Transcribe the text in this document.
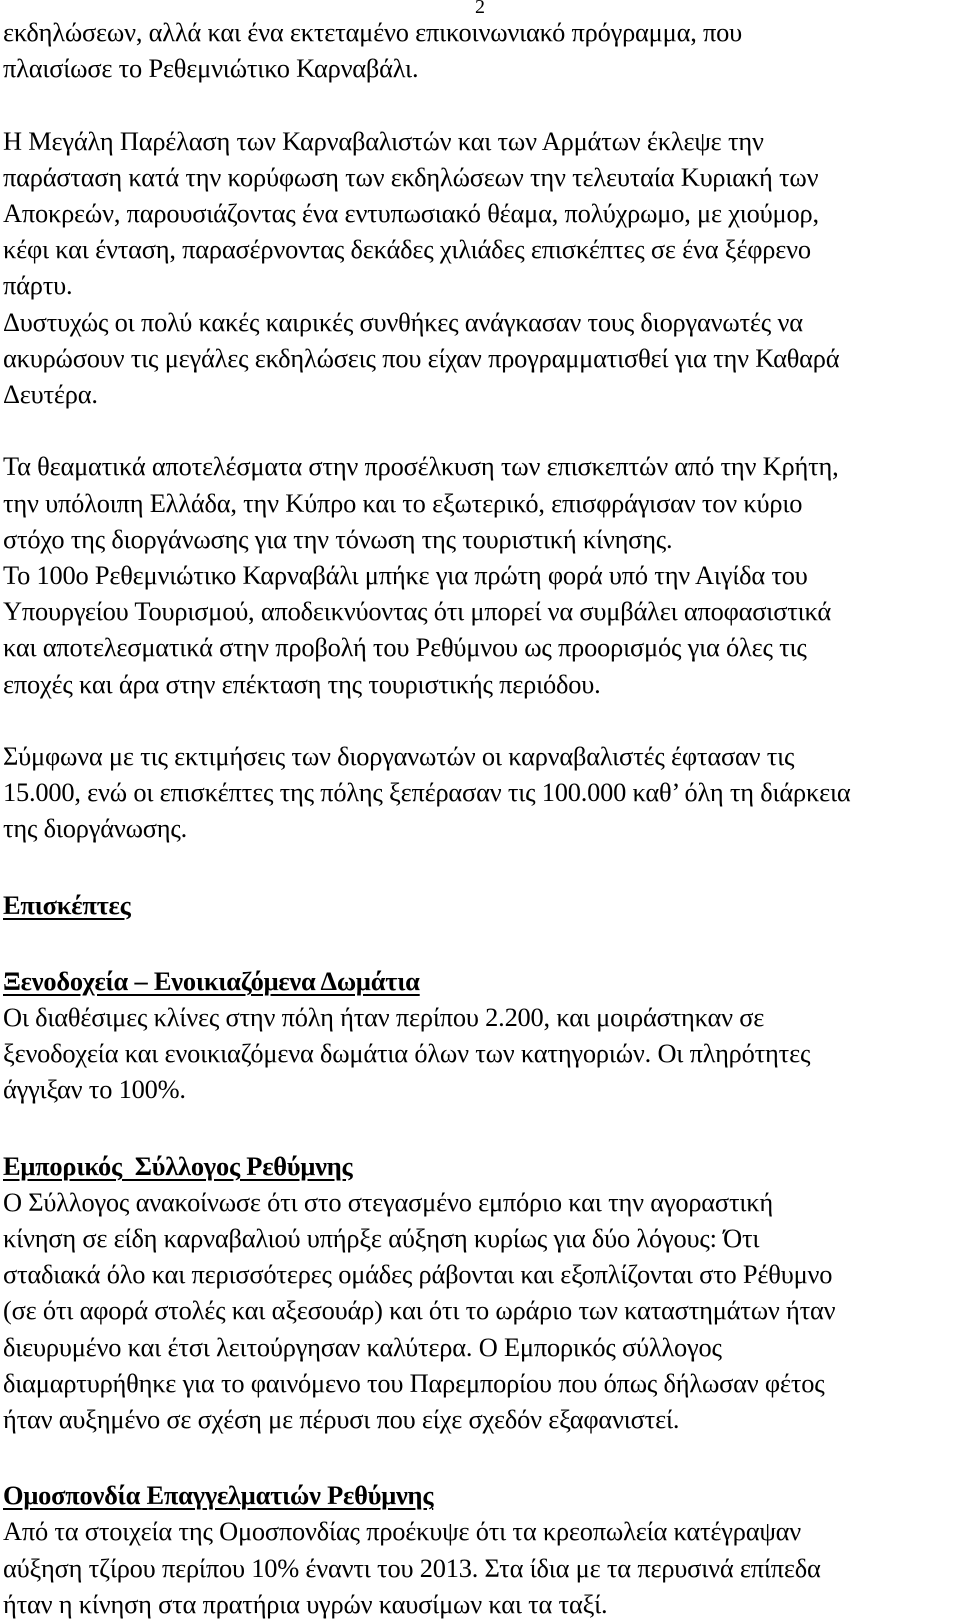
2

εκδηλώσεων, αλλά και ένα εκτεταμένο επικοινωνιακό πρόγραμμα, που

πλαισίωσε το Ρεθεμνιώτικο Καρναβάλι.

Η Μεγάλη Παρέλαση των Καρναβαλιστών και των Αρμάτων έκλεψε την

παράσταση κατά την κορύφωση των εκδηλώσεων την τελευταία Κυριακή των

Αποκρεών, παρουσιάζοντας ένα εντυπωσιακό θέαμα, πολύχρωμο, με χιούμορ,

κέφι και ένταση, παρασέρνοντας δεκάδες χιλιάδες επισκέπτες σε ένα ξέφρενο

πάρτυ.

Δυστυχώς οι πολύ κακές καιρικές συνθήκες ανάγκασαν τους διοργανωτές να

ακυρώσουν τις μεγάλες εκδηλώσεις που είχαν προγραμματισθεί για την Καθαρά

Δευτέρα.

Τα θεαματικά αποτελέσματα στην προσέλκυση των επισκεπτών από την Κρήτη,

την υπόλοιπη Ελλάδα, την Κύπρο και το εξωτερικό, επισφράγισαν τον κύριο

στόχο της διοργάνωσης για την τόνωση της τουριστική κίνησης.

Το 100ο Ρεθεμνιώτικο Καρναβάλι μπήκε για πρώτη φορά υπό την Αιγίδα του

Υπουργείου Τουρισμού, αποδεικνύοντας ότι μπορεί να συμβάλει αποφασιστικά

και αποτελεσματικά στην προβολή του Ρεθύμνου ως προορισμός για όλες τις

εποχές και άρα στην επέκταση της τουριστικής περιόδου.

Σύμφωνα με τις εκτιμήσεις των διοργανωτών οι καρναβαλιστές έφτασαν τις

15.000, ενώ οι επισκέπτες της πόλης ξεπέρασαν τις 100.000 καθ’ όλη τη διάρκεια

της διοργάνωσης.

Επισκέπτες

Ξενοδοχεία – Ενοικιαζόμενα Δωμάτια

Οι διαθέσιμες κλίνες στην πόλη ήταν περίπου 2.200, και μοιράστηκαν σε

ξενοδοχεία και ενοικιαζόμενα δωμάτια όλων των κατηγοριών. Οι πληρότητες

άγγιξαν το 100%.

Εμπορικός  Σύλλογος Ρεθύμνης

Ο Σύλλογος ανακοίνωσε ότι στο στεγασμένο εμπόριο και την αγοραστική

κίνηση σε είδη καρναβαλιού υπήρξε αύξηση κυρίως για δύο λόγους: Ότι

σταδιακά όλο και περισσότερες ομάδες ράβονται και εξοπλίζονται στο Ρέθυμνο

(σε ότι αφορά στολές και αξεσουάρ) και ότι το ωράριο των καταστημάτων ήταν

διευρυμένο και έτσι λειτούργησαν καλύτερα. Ο Εμπορικός σύλλογος

διαμαρτυρήθηκε για το φαινόμενο του Παρεμπορίου που όπως δήλωσαν φέτος

ήταν αυξημένο σε σχέση με πέρυσι που είχε σχεδόν εξαφανιστεί.

Ομοσπονδία Επαγγελματιών Ρεθύμνης

Από τα στοιχεία της Ομοσπονδίας προέκυψε ότι τα κρεοπωλεία κατέγραψαν

αύξηση τζίρου περίπου 10% έναντι του 2013. Στα ίδια με τα περυσινά επίπεδα

ήταν η κίνηση στα πρατήρια υγρών καυσίμων και τα ταξί.
